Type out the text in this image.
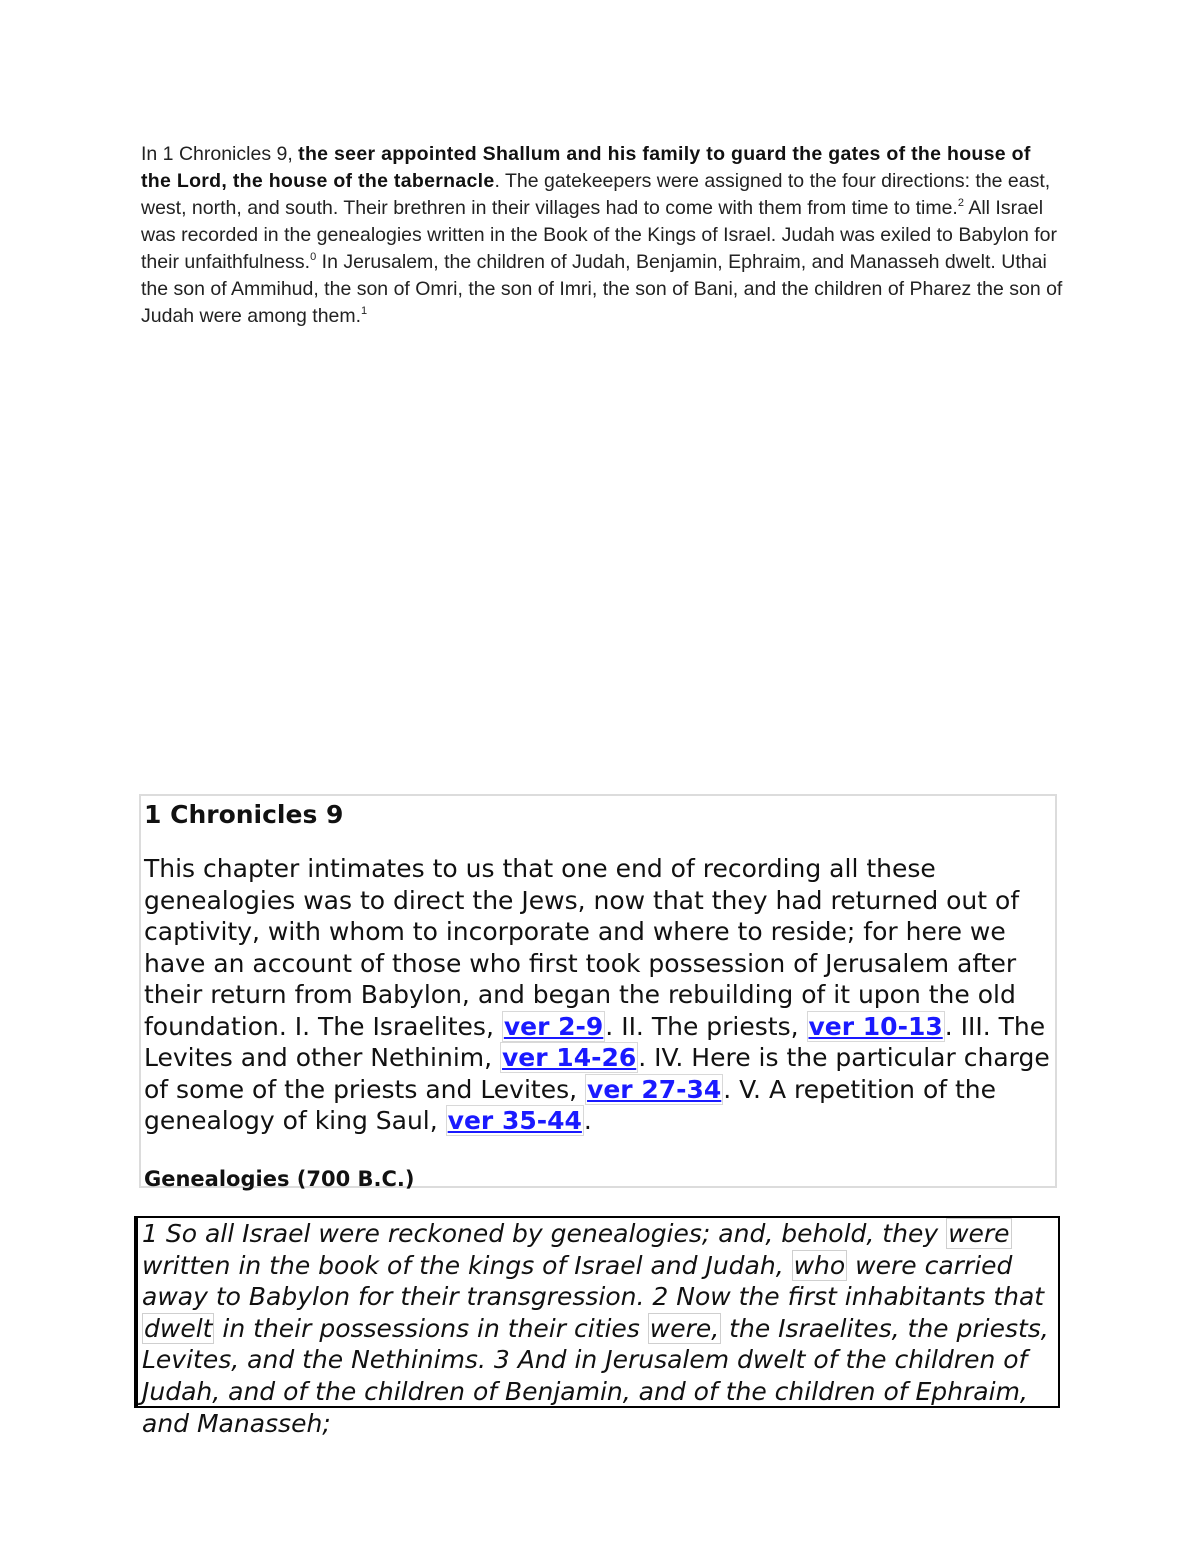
In 1 Chronicles 9, the seer appointed Shallum and his family to guard the gates of the house of the Lord, the house of the tabernacle. The gatekeepers were assigned to the four directions: the east, west, north, and south. Their brethren in their villages had to come with them from time to time.$^2$ All Israel was recorded in the genealogies written in the Book of the Kings of Israel. Judah was exiled to Babylon for their unfaithfulness.$^0$ In Jerusalem, the children of Judah, Benjamin, Ephraim, and Manasseh dwelt. Uthai the son of Ammihud, the son of Omri, the son of Imri, the son of Bani, and the children of Pharez the son of Judah were among them.$^1$
1 Chronicles 9

This chapter intimates to us that one end of recording all these genealogies was to direct the Jews, now that they had returned out of captivity, with whom to incorporate and where to reside; for here we have an account of those who first took possession of Jerusalem after their return from Babylon, and began the rebuilding of it upon the old foundation. I. The Israelites, ver 2-9. II. The priests, ver 10-13. III. The Levites and other Nethinim, ver 14-26. IV. Here is the particular charge of some of the priests and Levites, ver 27-34. V. A repetition of the genealogy of king Saul, ver 35-44.

Genealogies (700 B.C.)

1 So all Israel were reckoned by genealogies; and, behold, they were written in the book of the kings of Israel and Judah, who were carried away to Babylon for their transgression. 2 Now the first inhabitants that dwelt in their possessions in their cities were, the Israelites, the priests, Levites, and the Nethinims. 3 And in Jerusalem dwelt of the children of Judah, and of the children of Benjamin, and of the children of Ephraim, and Manasseh;
